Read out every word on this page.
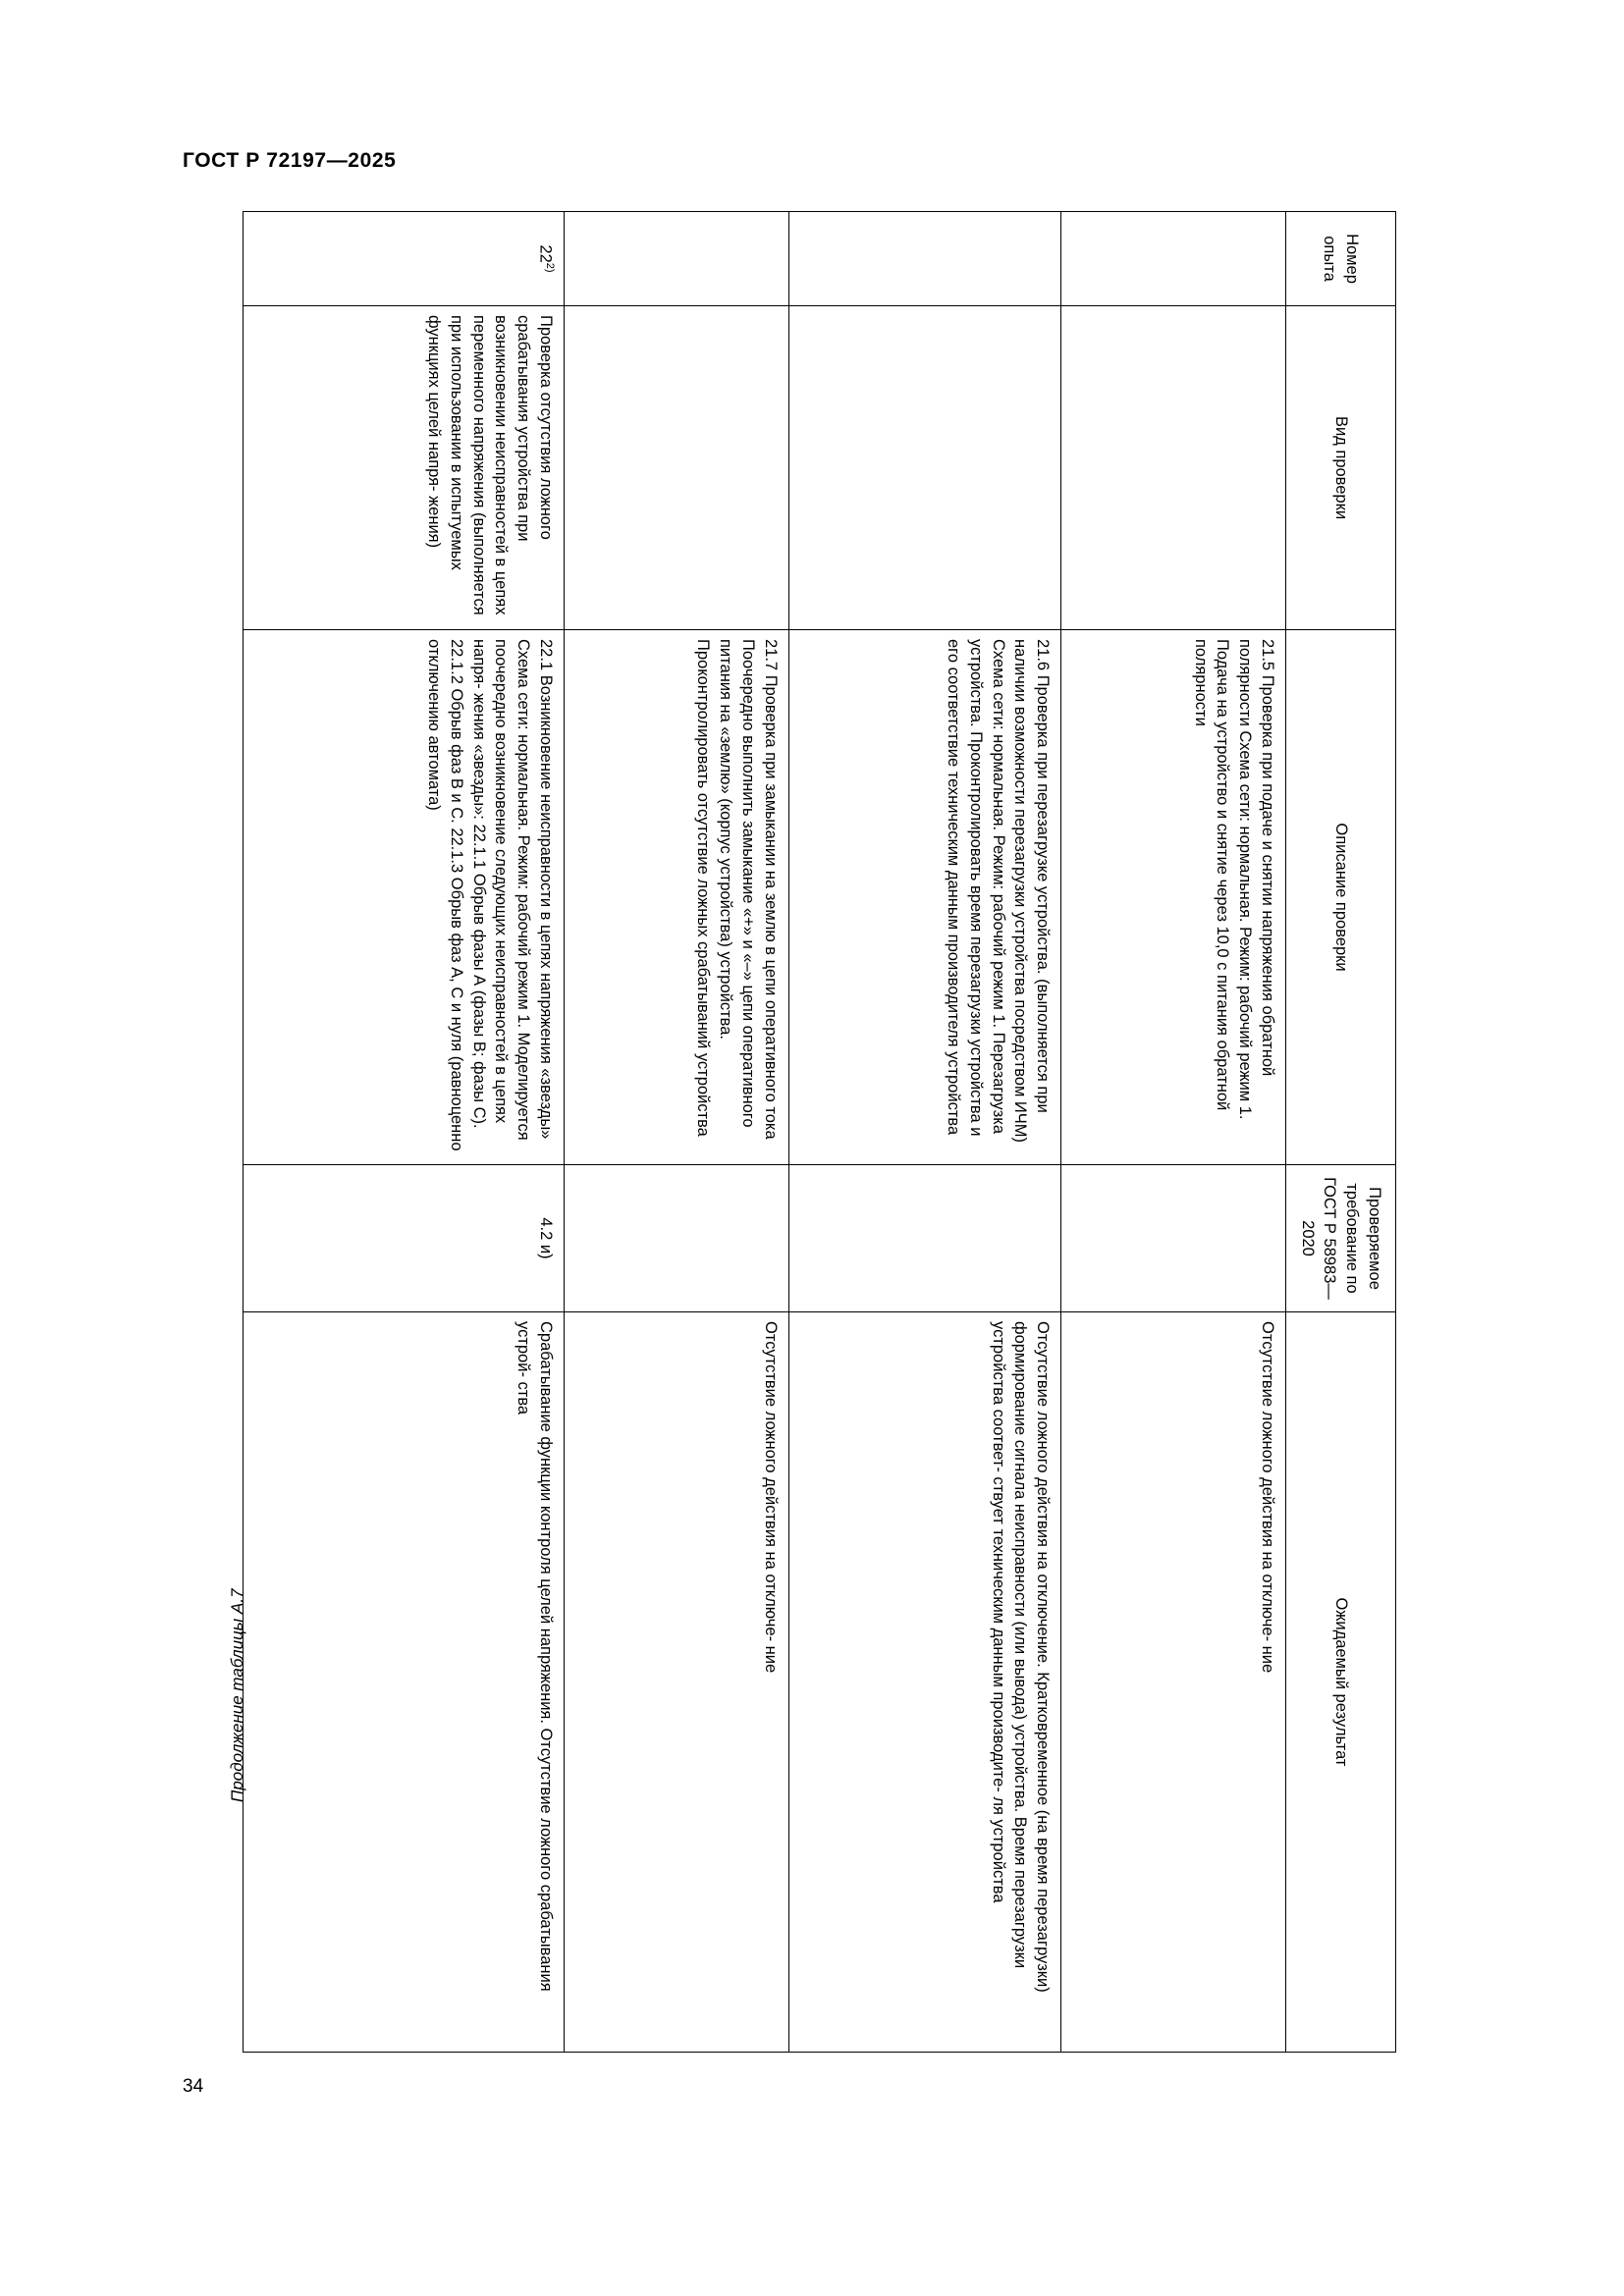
ГОСТ Р 72197—2025
Продолжение таблицы А.7
Номер опыта	Вид проверки	Описание проверки	Проверяемое требование по ГОСТ Р 58983—2020	Ожидаемый результат
		21.5 Проверка при подаче и снятии напряжения обратной полярности Схема сети: нормальная. Режим: рабочий режим 1. Подача на устройство и снятие через 10,0 с питания обратной полярности		Отсутствие ложного действия на отключе- ние
		21.6 Проверка при перезагрузке устройства. (выполняется при наличии возможности перезагрузки устройства посредством ИЧМ) Схема сети: нормальная. Режим: рабочий режим 1. Перезагрузка устройства. Проконтролировать время перезагрузки устройства и его соответствие техническим данным производителя устройства		Отсутствие ложного действия на отключение. Кратковременное (на время перезагрузки) формирование сигнала неисправности (или вывода) устройства. Время перезагрузки устройства соответ- ствует техническим данным производите- ля устройства
		21.7 Проверка при замыкании на землю в цепи оперативного тока Поочередно выполнить замыкание «+» и «–» цепи оперативного питания на «землю» (корпус устройства) устройства. Проконтролировать отсутствие ложных срабатываний устройства		Отсутствие ложного действия на отключе- ние
22$^{2)}$	Проверка отсутствия ложного срабатывания устройства при возникновении неисправностей в цепях переменного напряжения (выполняется при использовании в испытуемых функциях целей напря- жения)	22.1 Возникновение неисправности в цепях напряжения «звезды» Схема сети: нормальная. Режим: рабочий режим 1. Моделируется поочередно возникновение следующих неисправностей в цепях напря- жения «звезды»: 22.1.1 Обрыв фазы А (фазы В; фазы С). 22.1.2 Обрыв фаз В и С. 22.1.3 Обрыв фаз А, С и нуля (равноценно отключению автомата)	4.2 и)	Срабатывание функции контроля целей напряжения. Отсутствие ложного срабатывания устрой- ства
34
